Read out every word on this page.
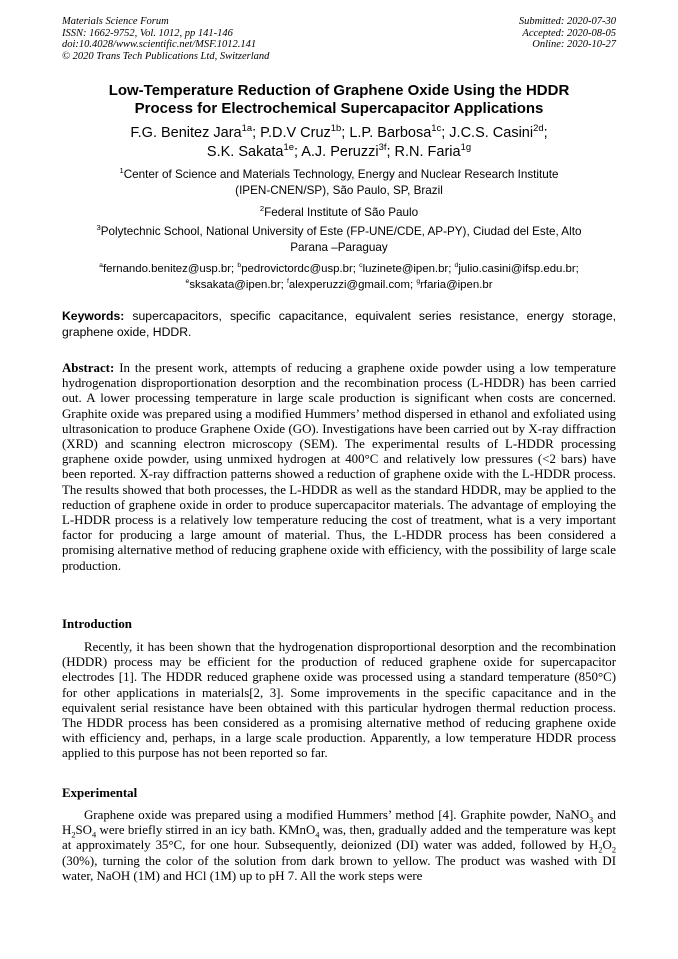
Materials Science Forum
ISSN: 1662-9752, Vol. 1012, pp 141-146
doi:10.4028/www.scientific.net/MSF.1012.141
© 2020 Trans Tech Publications Ltd, Switzerland
Submitted: 2020-07-30
Accepted: 2020-08-05
Online: 2020-10-27
Low-Temperature Reduction of Graphene Oxide Using the HDDR
Process for Electrochemical Supercapacitor Applications
F.G. Benitez Jara$^{1a}$; P.D.V Cruz$^{1b}$; L.P. Barbosa$^{1c}$; J.C.S. Casini$^{2d}$;
S.K. Sakata$^{1e}$; A.J. Peruzzi$^{3f}$; R.N. Faria$^{1g}$
$^1$Center of Science and Materials Technology, Energy and Nuclear Research Institute
(IPEN-CNEN/SP), São Paulo, SP, Brazil
$^2$Federal Institute of São Paulo
$^3$Polytechnic School, National University of Este (FP-UNE/CDE, AP-PY), Ciudad del Este, Alto
Parana –Paraguay
$^a$fernando.benitez@usp.br; $^b$pedrovictordc@usp.br; $^c$luzinete@ipen.br; $^d$julio.casini@ifsp.edu.br;
$^e$sksakata@ipen.br; $^f$alexperuzzi@gmail.com; $^g$rfaria@ipen.br
Keywords: supercapacitors, specific capacitance, equivalent series resistance, energy storage, graphene oxide, HDDR.
Abstract: In the present work, attempts of reducing a graphene oxide powder using a low temperature hydrogenation disproportionation desorption and the recombination process (L-HDDR) has been carried out. A lower processing temperature in large scale production is significant when costs are concerned. Graphite oxide was prepared using a modified Hummers’ method dispersed in ethanol and exfoliated using ultrasonication to produce Graphene Oxide (GO). Investigations have been carried out by X-ray diffraction (XRD) and scanning electron microscopy (SEM). The experimental results of L-HDDR processing graphene oxide powder, using unmixed hydrogen at 400°C and relatively low pressures (<2 bars) have been reported. X-ray diffraction patterns showed a reduction of graphene oxide with the L-HDDR process. The results showed that both processes, the L-HDDR as well as the standard HDDR, may be applied to the reduction of graphene oxide in order to produce supercapacitor materials. The advantage of employing the L-HDDR process is a relatively low temperature reducing the cost of treatment, what is a very important factor for producing a large amount of material. Thus, the L-HDDR process has been considered a promising alternative method of reducing graphene oxide with efficiency, with the possibility of large scale production.
Introduction
Recently, it has been shown that the hydrogenation disproportional desorption and the recombination (HDDR) process may be efficient for the production of reduced graphene oxide for supercapacitor electrodes [1]. The HDDR reduced graphene oxide was processed using a standard temperature (850°C) for other applications in materials[2, 3]. Some improvements in the specific capacitance and in the equivalent serial resistance have been obtained with this particular hydrogen thermal reduction process. The HDDR process has been considered as a promising alternative method of reducing graphene oxide with efficiency and, perhaps, in a large scale production. Apparently, a low temperature HDDR process applied to this purpose has not been reported so far.
Experimental
Graphene oxide was prepared using a modified Hummers’ method [4]. Graphite powder, NaNO$_3$ and $H_2SO_4$ were briefly stirred in an icy bath. KMnO$_4$ was, then, gradually added and the temperature was kept at approximately 35°C, for one hour. Subsequently, deionized (DI) water was added, followed by $H_2O_2$ (30%), turning the color of the solution from dark brown to yellow. The product was washed with DI water, NaOH (1M) and HCl (1M) up to pH 7. All the work steps were
